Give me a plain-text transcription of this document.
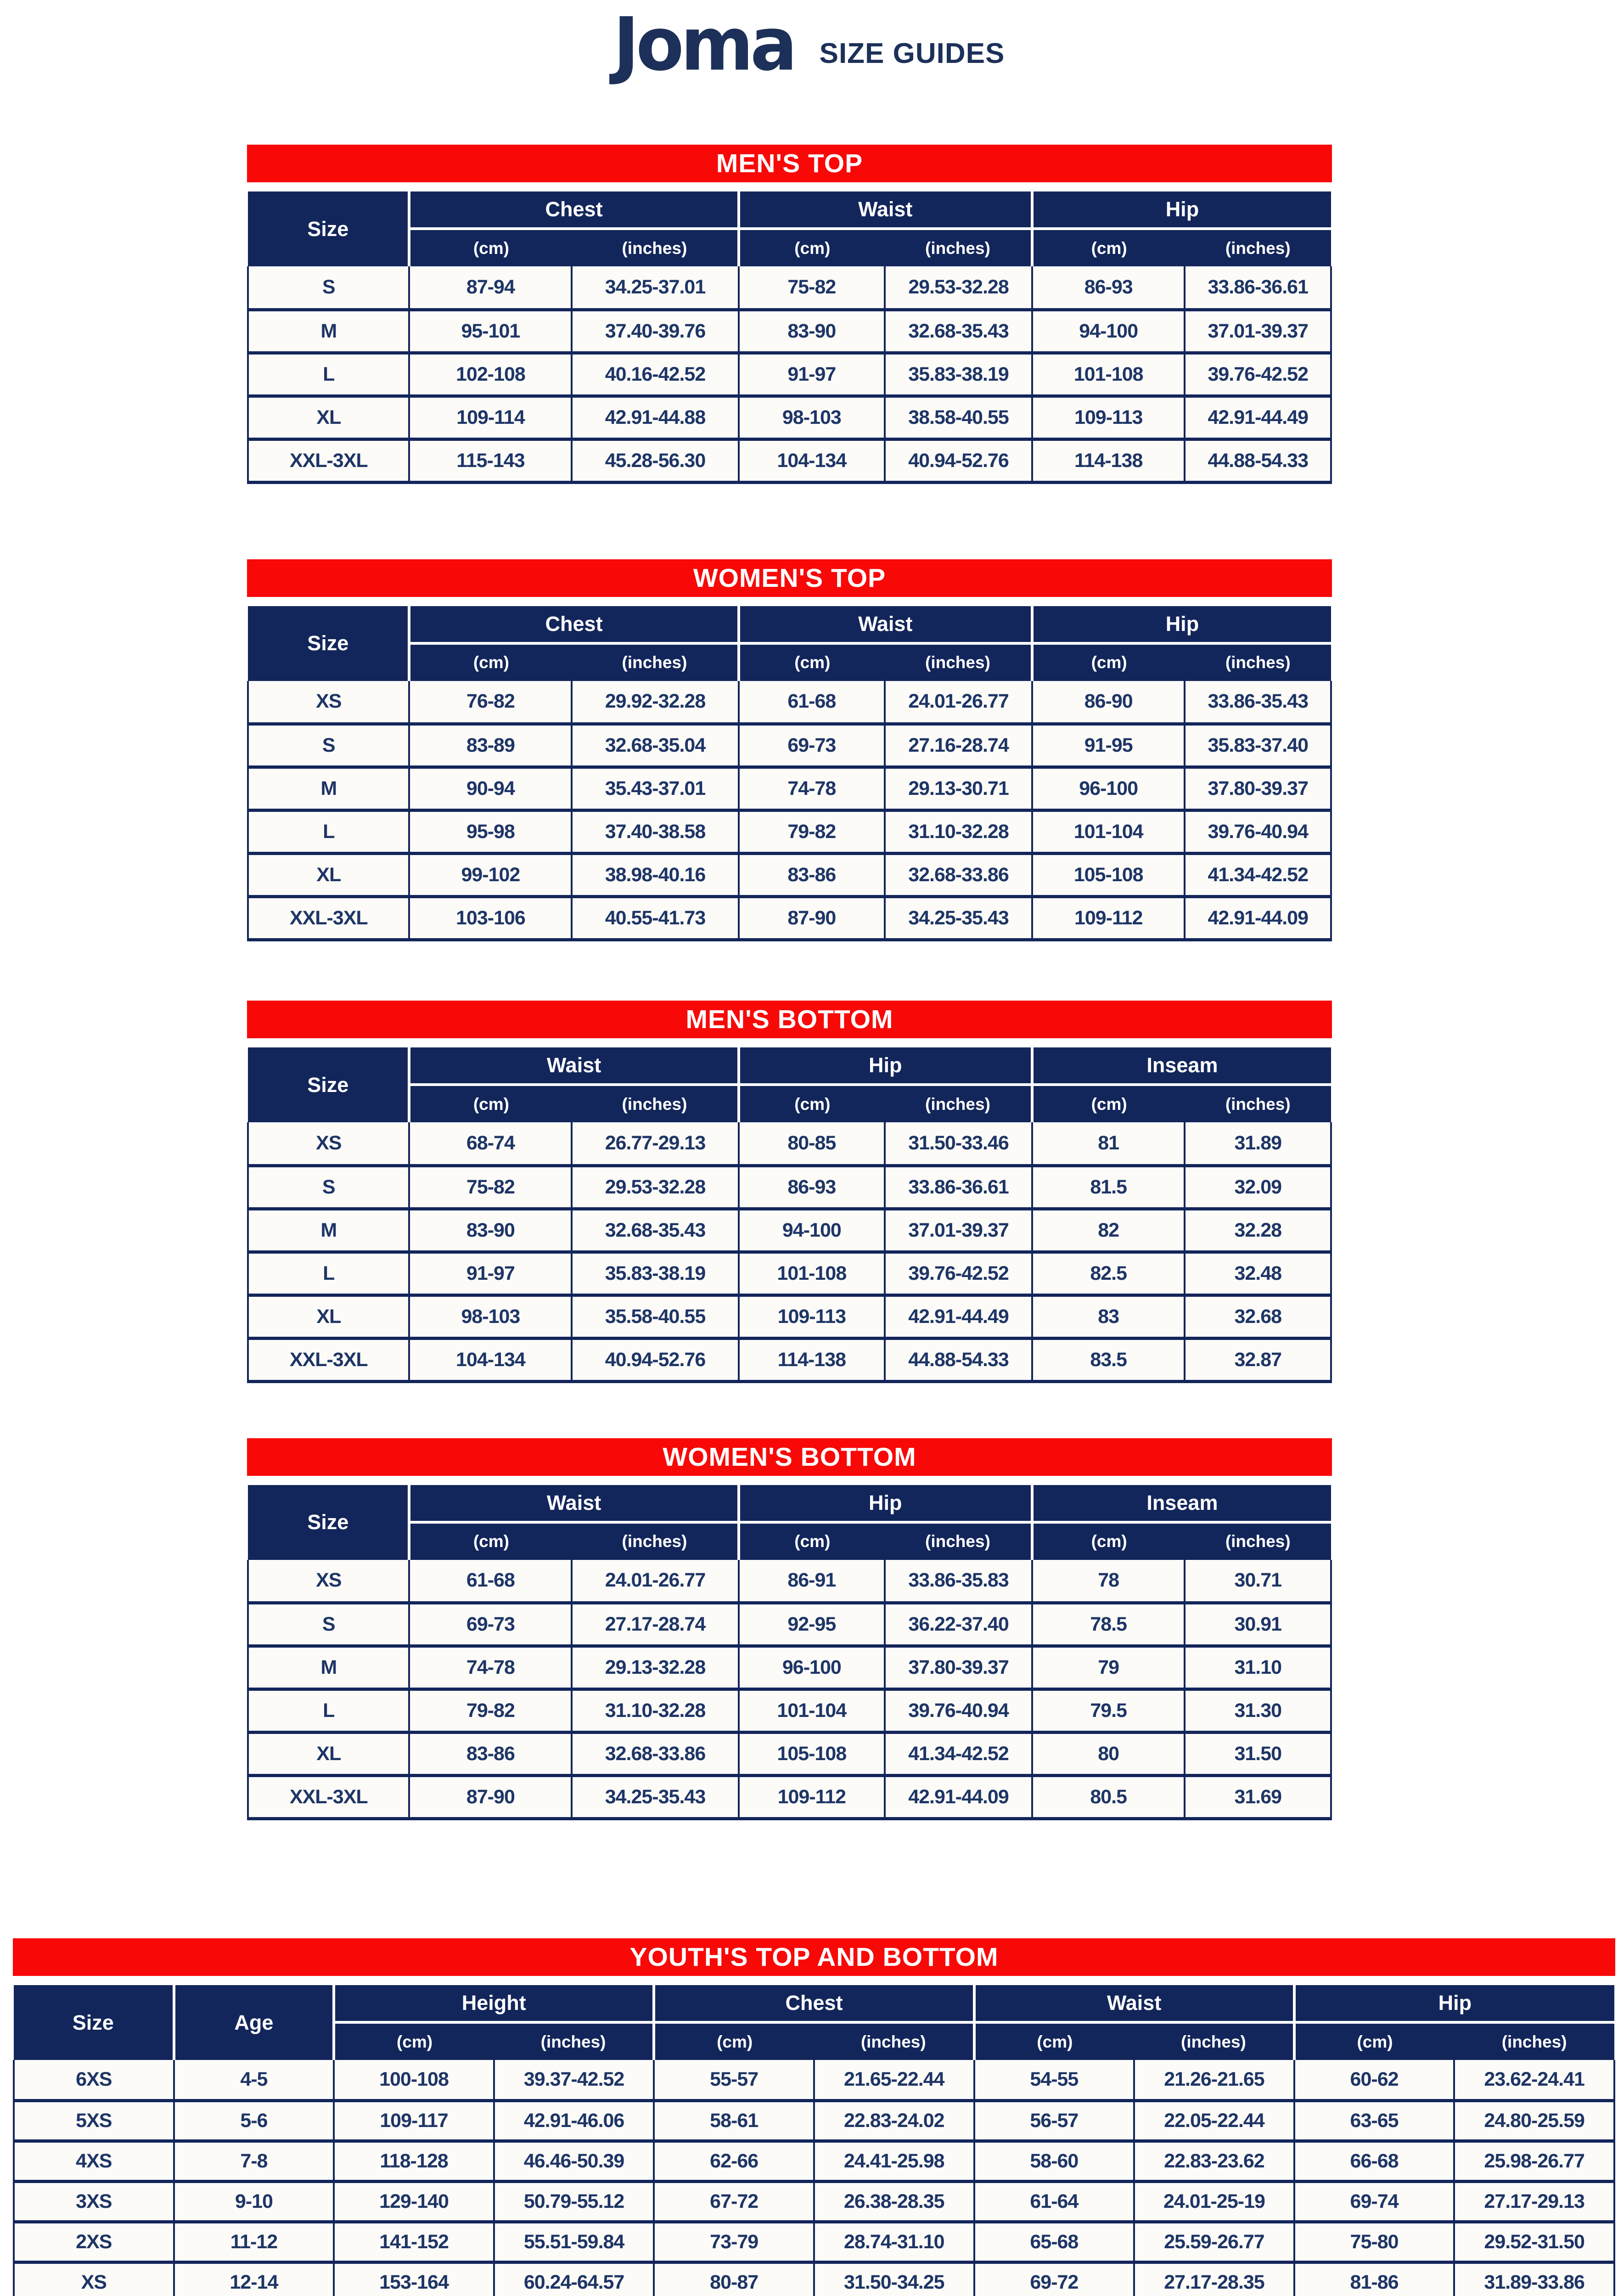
Joma SIZE GUIDES
MEN'S TOP
Size	Chest		Waist		Hip	
	(cm)	(inches)	(cm)	(inches)	(cm)	(inches)
S	87-94	34.25-37.01	75-82	29.53-32.28	86-93	33.86-36.61
M	95-101	37.40-39.76	83-90	32.68-35.43	94-100	37.01-39.37
L	102-108	40.16-42.52	91-97	35.83-38.19	101-108	39.76-42.52
XL	109-114	42.91-44.88	98-103	38.58-40.55	109-113	42.91-44.49
XXL-3XL	115-143	45.28-56.30	104-134	40.94-52.76	114-138	44.88-54.33
WOMEN'S TOP
Size	Chest		Waist		Hip	
	(cm)	(inches)	(cm)	(inches)	(cm)	(inches)
XS	76-82	29.92-32.28	61-68	24.01-26.77	86-90	33.86-35.43
S	83-89	32.68-35.04	69-73	27.16-28.74	91-95	35.83-37.40
M	90-94	35.43-37.01	74-78	29.13-30.71	96-100	37.80-39.37
L	95-98	37.40-38.58	79-82	31.10-32.28	101-104	39.76-40.94
XL	99-102	38.98-40.16	83-86	32.68-33.86	105-108	41.34-42.52
XXL-3XL	103-106	40.55-41.73	87-90	34.25-35.43	109-112	42.91-44.09
MEN'S BOTTOM
Size	Waist		Hip		Inseam	
	(cm)	(inches)	(cm)	(inches)	(cm)	(inches)
XS	68-74	26.77-29.13	80-85	31.50-33.46	81	31.89
S	75-82	29.53-32.28	86-93	33.86-36.61	81.5	32.09
M	83-90	32.68-35.43	94-100	37.01-39.37	82	32.28
L	91-97	35.83-38.19	101-108	39.76-42.52	82.5	32.48
XL	98-103	35.58-40.55	109-113	42.91-44.49	83	32.68
XXL-3XL	104-134	40.94-52.76	114-138	44.88-54.33	83.5	32.87
WOMEN'S BOTTOM
Size	Waist		Hip		Inseam	
	(cm)	(inches)	(cm)	(inches)	(cm)	(inches)
XS	61-68	24.01-26.77	86-91	33.86-35.83	78	30.71
S	69-73	27.17-28.74	92-95	36.22-37.40	78.5	30.91
M	74-78	29.13-32.28	96-100	37.80-39.37	79	31.10
L	79-82	31.10-32.28	101-104	39.76-40.94	79.5	31.30
XL	83-86	32.68-33.86	105-108	41.34-42.52	80	31.50
XXL-3XL	87-90	34.25-35.43	109-112	42.91-44.09	80.5	31.69
YOUTH'S TOP AND BOTTOM
Size	Age	Height		Chest		Waist		Hip	
		(cm)	(inches)	(cm)	(inches)	(cm)	(inches)	(cm)	(inches)
6XS	4-5	100-108	39.37-42.52	55-57	21.65-22.44	54-55	21.26-21.65	60-62	23.62-24.41
5XS	5-6	109-117	42.91-46.06	58-61	22.83-24.02	56-57	22.05-22.44	63-65	24.80-25.59
4XS	7-8	118-128	46.46-50.39	62-66	24.41-25.98	58-60	22.83-23.62	66-68	25.98-26.77
3XS	9-10	129-140	50.79-55.12	67-72	26.38-28.35	61-64	24.01-25-19	69-74	27.17-29.13
2XS	11-12	141-152	55.51-59.84	73-79	28.74-31.10	65-68	25.59-26.77	75-80	29.52-31.50
XS	12-14	153-164	60.24-64.57	80-87	31.50-34.25	69-72	27.17-28.35	81-86	31.89-33.86
